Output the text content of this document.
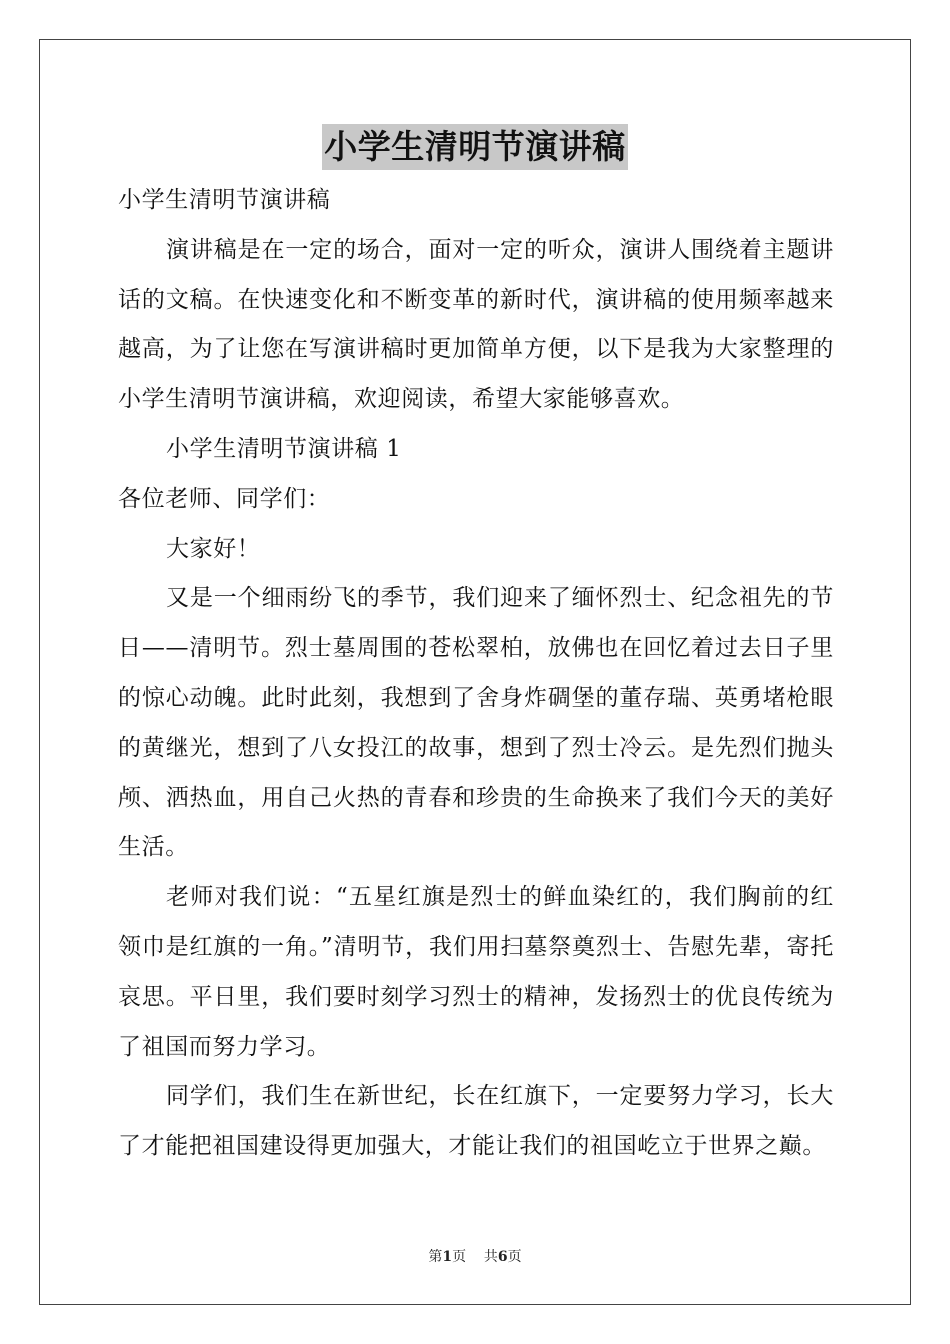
小学生清明节演讲稿

小学生清明节演讲稿

演讲稿是在一定的场合，面对一定的听众，演讲人围绕着主题讲话的文稿。在快速变化和不断变革的新时代，演讲稿的使用频率越来越高，为了让您在写演讲稿时更加简单方便，以下是我为大家整理的小学生清明节演讲稿，欢迎阅读，希望大家能够喜欢。

小学生清明节演讲稿 1

各位老师、同学们：

大家好！

又是一个细雨纷飞的季节，我们迎来了缅怀烈士、纪念祖先的节日——清明节。烈士墓周围的苍松翠柏，放佛也在回忆着过去日子里的惊心动魄。此时此刻，我想到了舍身炸碉堡的董存瑞、英勇堵枪眼的黄继光，想到了八女投江的故事，想到了烈士冷云。是先烈们抛头颅、洒热血，用自己火热的青春和珍贵的生命换来了我们今天的美好生活。

老师对我们说：“五星红旗是烈士的鲜血染红的，我们胸前的红领巾是红旗的一角。”清明节，我们用扫墓祭奠烈士、告慰先辈，寄托哀思。平日里，我们要时刻学习烈士的精神，发扬烈士的优良传统为了祖国而努力学习。

同学们，我们生在新世纪，长在红旗下，一定要努力学习，长大了才能把祖国建设得更加强大，才能让我们的祖国屹立于世界之巅。

第1页 共6页
